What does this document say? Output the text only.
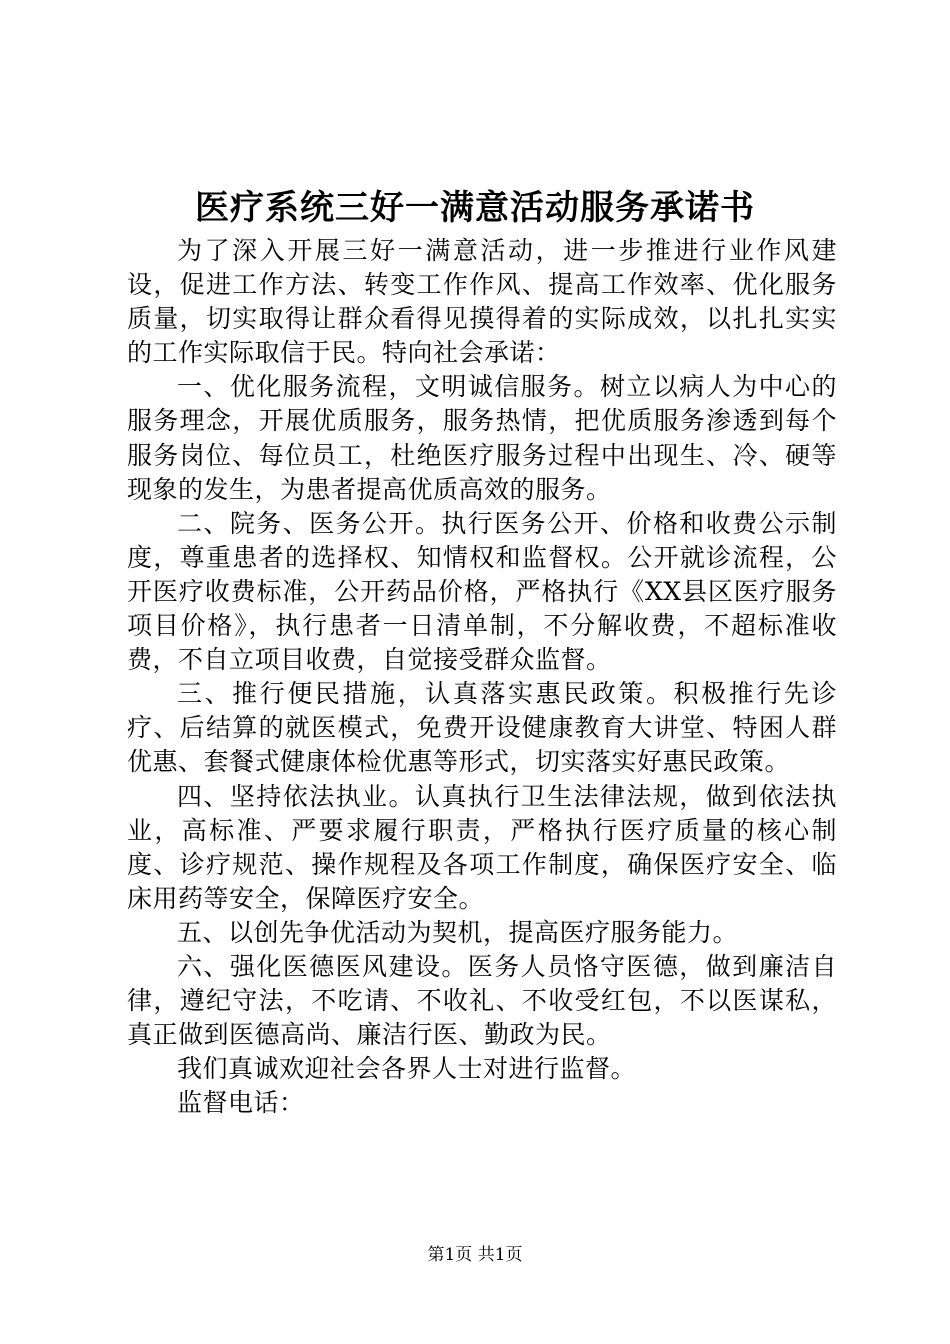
医疗系统三好一满意活动服务承诺书

为了深入开展三好一满意活动，进一步推进行业作风建设，促进工作方法、转变工作作风、提高工作效率、优化服务质量，切实取得让群众看得见摸得着的实际成效，以扎扎实实的工作实际取信于民。特向社会承诺：

一、优化服务流程，文明诚信服务。树立以病人为中心的服务理念，开展优质服务，服务热情，把优质服务渗透到每个服务岗位、每位员工，杜绝医疗服务过程中出现生、冷、硬等现象的发生，为患者提高优质高效的服务。

二、院务、医务公开。执行医务公开、价格和收费公示制度，尊重患者的选择权、知情权和监督权。公开就诊流程，公开医疗收费标准，公开药品价格，严格执行《XX县区医疗服务项目价格》，执行患者一日清单制，不分解收费，不超标准收费，不自立项目收费，自觉接受群众监督。

三、推行便民措施，认真落实惠民政策。积极推行先诊疗、后结算的就医模式，免费开设健康教育大讲堂、特困人群优惠、套餐式健康体检优惠等形式，切实落实好惠民政策。

四、坚持依法执业。认真执行卫生法律法规，做到依法执业，高标准、严要求履行职责，严格执行医疗质量的核心制度、诊疗规范、操作规程及各项工作制度，确保医疗安全、临床用药等安全，保障医疗安全。

五、以创先争优活动为契机，提高医疗服务能力。

六、强化医德医风建设。医务人员恪守医德，做到廉洁自律，遵纪守法，不吃请、不收礼、不收受红包，不以医谋私，真正做到医德高尚、廉洁行医、勤政为民。

我们真诚欢迎社会各界人士对进行监督。

监督电话：

第1页 共1页
